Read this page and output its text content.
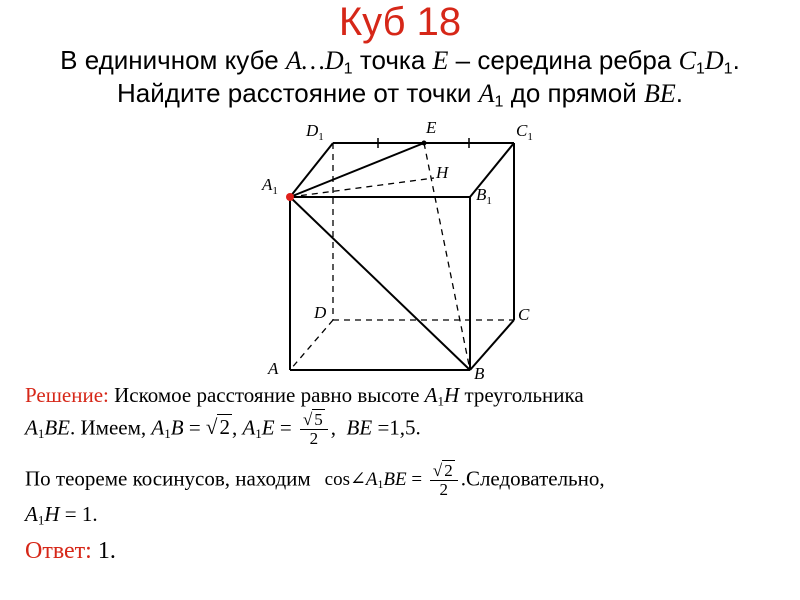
Куб 18
В единичном кубе $A\dots D_1$ точка E – середина ребра $C_1D_1$.
Найдите расстояние от точки $A_1$ до прямой BE.
$D_1$	E	$C_1$
H
$A_1$	$B_1$
D	C
A	B
Решение: Искомое расстояние равно высоте $A_1H$ треугольника
$A_1BE$. Имеем, $A_1B = √2$, $A_1E = \frac{√ 5}{2}$ , BE =1,5.
По теореме косинусов, находим $\cos\angle A_1BE = \frac{√ 2}{2}$ .Следовательно,
$A_1H = 1$.
Ответ: 1.
